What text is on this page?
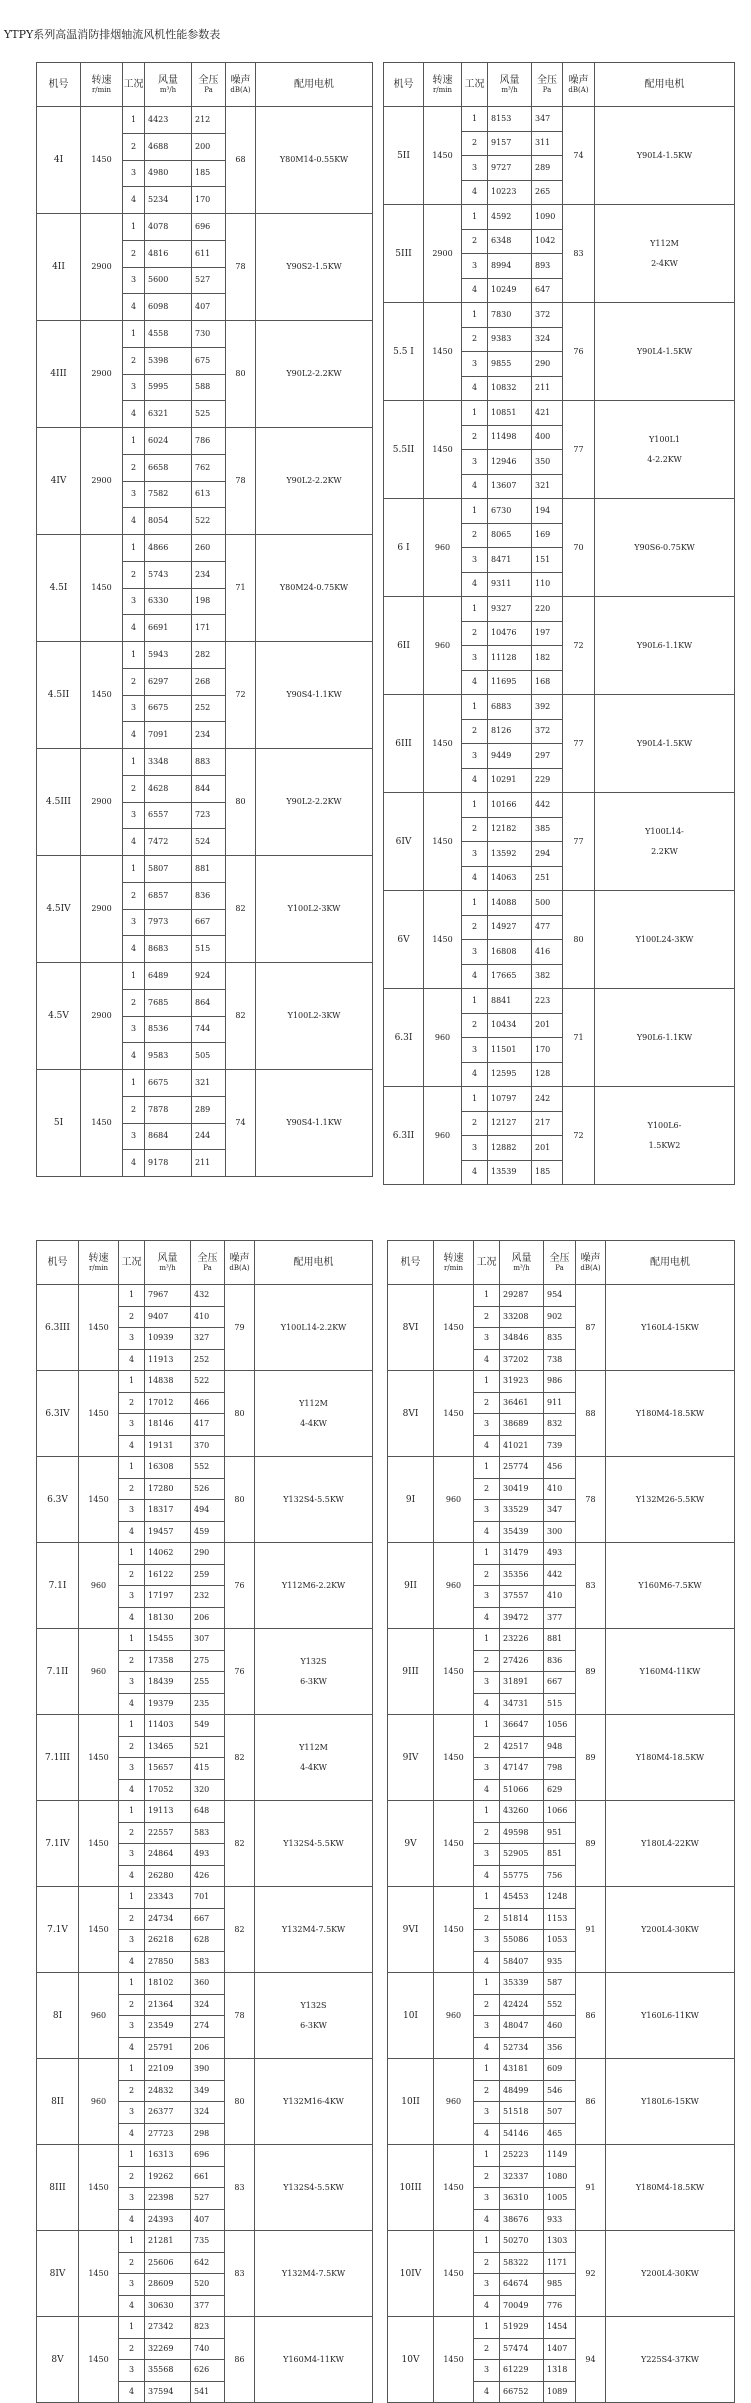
YTPY系列高温消防排烟轴流风机性能参数表
机号	转速
r/min	工况	风量
m³/h	全压
Pa	噪声
dB(A)	配用电机
4I	1450	1	4423	212	68	Y80M14-0.55KW

		2	4688	200		
		3	4980	185		
		4	5234	170		
4II	2900	1	4078	696	78	Y90S2-1.5KW

		2	4816	611		
		3	5600	527		
		4	6098	407		
4III	2900	1	4558	730	80	Y90L2-2.2KW

		2	5398	675		
		3	5995	588		
		4	6321	525		
4IV	2900	1	6024	786	78	Y90L2-2.2KW

		2	6658	762		
		3	7582	613		
		4	8054	522		
4.5I	1450	1	4866	260	71	Y80M24-0.75KW

		2	5743	234		
		3	6330	198		
		4	6691	171		
4.5II	1450	1	5943	282	72	Y90S4-1.1KW

		2	6297	268		
		3	6675	252		
		4	7091	234		
4.5III	2900	1	3348	883	80	Y90L2-2.2KW

		2	4628	844		
		3	6557	723		
		4	7472	524		
4.5IV	2900	1	5807	881	82	Y100L2-3KW

		2	6857	836		
		3	7973	667		
		4	8683	515		
4.5V	2900	1	6489	924	82	Y100L2-3KW

		2	7685	864		
		3	8536	744		
		4	9583	505		
5I	1450	1	6675	321	74	Y90S4-1.1KW

		2	7878	289		
		3	8684	244		
		4	9178	211		
机号	转速
r/min	工况	风量
m³/h	全压
Pa	噪声
dB(A)	配用电机
5II	1450	1	8153	347	74	Y90L4-1.5KW

		2	9157	311		
		3	9727	289		
		4	10223	265		
5III	2900	1	4592	1090	83	Y112M
2-4KW

		2	6348	1042		
		3	8994	893		
		4	10249	647		
5.5 I	1450	1	7830	372	76	Y90L4-1.5KW

		2	9383	324		
		3	9855	290		
		4	10832	211		
5.5II	1450	1	10851	421	77	Y100L1
4-2.2KW

		2	11498	400		
		3	12946	350		
		4	13607	321		
6 I	960	1	6730	194	70	Y90S6-0.75KW

		2	8065	169		
		3	8471	151		
		4	9311	110		
6II	960	1	9327	220	72	Y90L6-1.1KW

		2	10476	197		
		3	11128	182		
		4	11695	168		
6III	1450	1	6883	392	77	Y90L4-1.5KW

		2	8126	372		
		3	9449	297		
		4	10291	229		
6IV	1450	1	10166	442	77	Y100L14-
2.2KW

		2	12182	385		
		3	13592	294		
		4	14063	251		
6V	1450	1	14088	500	80	Y100L24-3KW

		2	14927	477		
		3	16808	416		
		4	17665	382		
6.3I	960	1	8841	223	71	Y90L6-1.1KW

		2	10434	201		
		3	11501	170		
		4	12595	128		
6.3II	960	1	10797	242	72	Y100L6-
1.5KW2

		2	12127	217		
		3	12882	201		
		4	13539	185		
机号	转速
r/min	工况	风量
m³/h	全压
Pa	噪声
dB(A)	配用电机
6.3III	1450	1	7967	432	79	Y100L14-2.2KW

		2	9407	410		
		3	10939	327		
		4	11913	252		
6.3IV	1450	1	14838	522	80	Y112M
4-4KW

		2	17012	466		
		3	18146	417		
		4	19131	370		
6.3V	1450	1	16308	552	80	Y132S4-5.5KW

		2	17280	526		
		3	18317	494		
		4	19457	459		
7.1I	960	1	14062	290	76	Y112M6-2.2KW

		2	16122	259		
		3	17197	232		
		4	18130	206		
7.1II	960	1	15455	307	76	Y132S
6-3KW

		2	17358	275		
		3	18439	255		
		4	19379	235		
7.1III	1450	1	11403	549	82	Y112M
4-4KW

		2	13465	521		
		3	15657	415		
		4	17052	320		
7.1IV	1450	1	19113	648	82	Y132S4-5.5KW

		2	22557	583		
		3	24864	493		
		4	26280	426		
7.1V	1450	1	23343	701	82	Y132M4-7.5KW

		2	24734	667		
		3	26218	628		
		4	27850	583		
8I	960	1	18102	360	78	Y132S
6-3KW

		2	21364	324		
		3	23549	274		
		4	25791	206		
8II	960	1	22109	390	80	Y132M16-4KW

		2	24832	349		
		3	26377	324		
		4	27723	298		
8III	1450	1	16313	696	83	Y132S4-5.5KW

		2	19262	661		
		3	22398	527		
		4	24393	407		
8IV	1450	1	21281	735	83	Y132M4-7.5KW

		2	25606	642		
		3	28609	520		
		4	30630	377		
8V	1450	1	27342	823	86	Y160M4-11KW

		2	32269	740		
		3	35568	626		
		4	37594	541		
机号	转速
r/min	工况	风量
m³/h	全压
Pa	噪声
dB(A)	配用电机
8VI	1450	1	29287	954	87	Y160L4-15KW

		2	33208	902		
		3	34846	835		
		4	37202	738		
8VI	1450	1	31923	986	88	Y180M4-18.5KW

		2	36461	911		
		3	38689	832		
		4	41021	739		
9I	960	1	25774	456	78	Y132M26-5.5KW

		2	30419	410		
		3	33529	347		
		4	35439	300		
9II	960	1	31479	493	83	Y160M6-7.5KW

		2	35356	442		
		3	37557	410		
		4	39472	377		
9III	1450	1	23226	881	89	Y160M4-11KW

		2	27426	836		
		3	31891	667		
		4	34731	515		
9IV	1450	1	36647	1056	89	Y180M4-18.5KW

		2	42517	948		
		3	47147	798		
		4	51066	629		
9V	1450	1	43260	1066	89	Y180L4-22KW

		2	49598	951		
		3	52905	851		
		4	55775	756		
9VI	1450	1	45453	1248	91	Y200L4-30KW

		2	51814	1153		
		3	55086	1053		
		4	58407	935		
10I	960	1	35339	587	86	Y160L6-11KW

		2	42424	552		
		3	48047	460		
		4	52734	356		
10II	960	1	43181	609	86	Y180L6-15KW

		2	48499	546		
		3	51518	507		
		4	54146	465		
10III	1450	1	25223	1149	91	Y180M4-18.5KW

		2	32337	1080		
		3	36310	1005		
		4	38676	933		
10IV	1450	1	50270	1303	92	Y200L4-30KW

		2	58322	1171		
		3	64674	985		
		4	70049	776		
10V	1450	1	51929	1454	94	Y225S4-37KW

		2	57474	1407		
		3	61229	1318		
		4	66752	1089		
